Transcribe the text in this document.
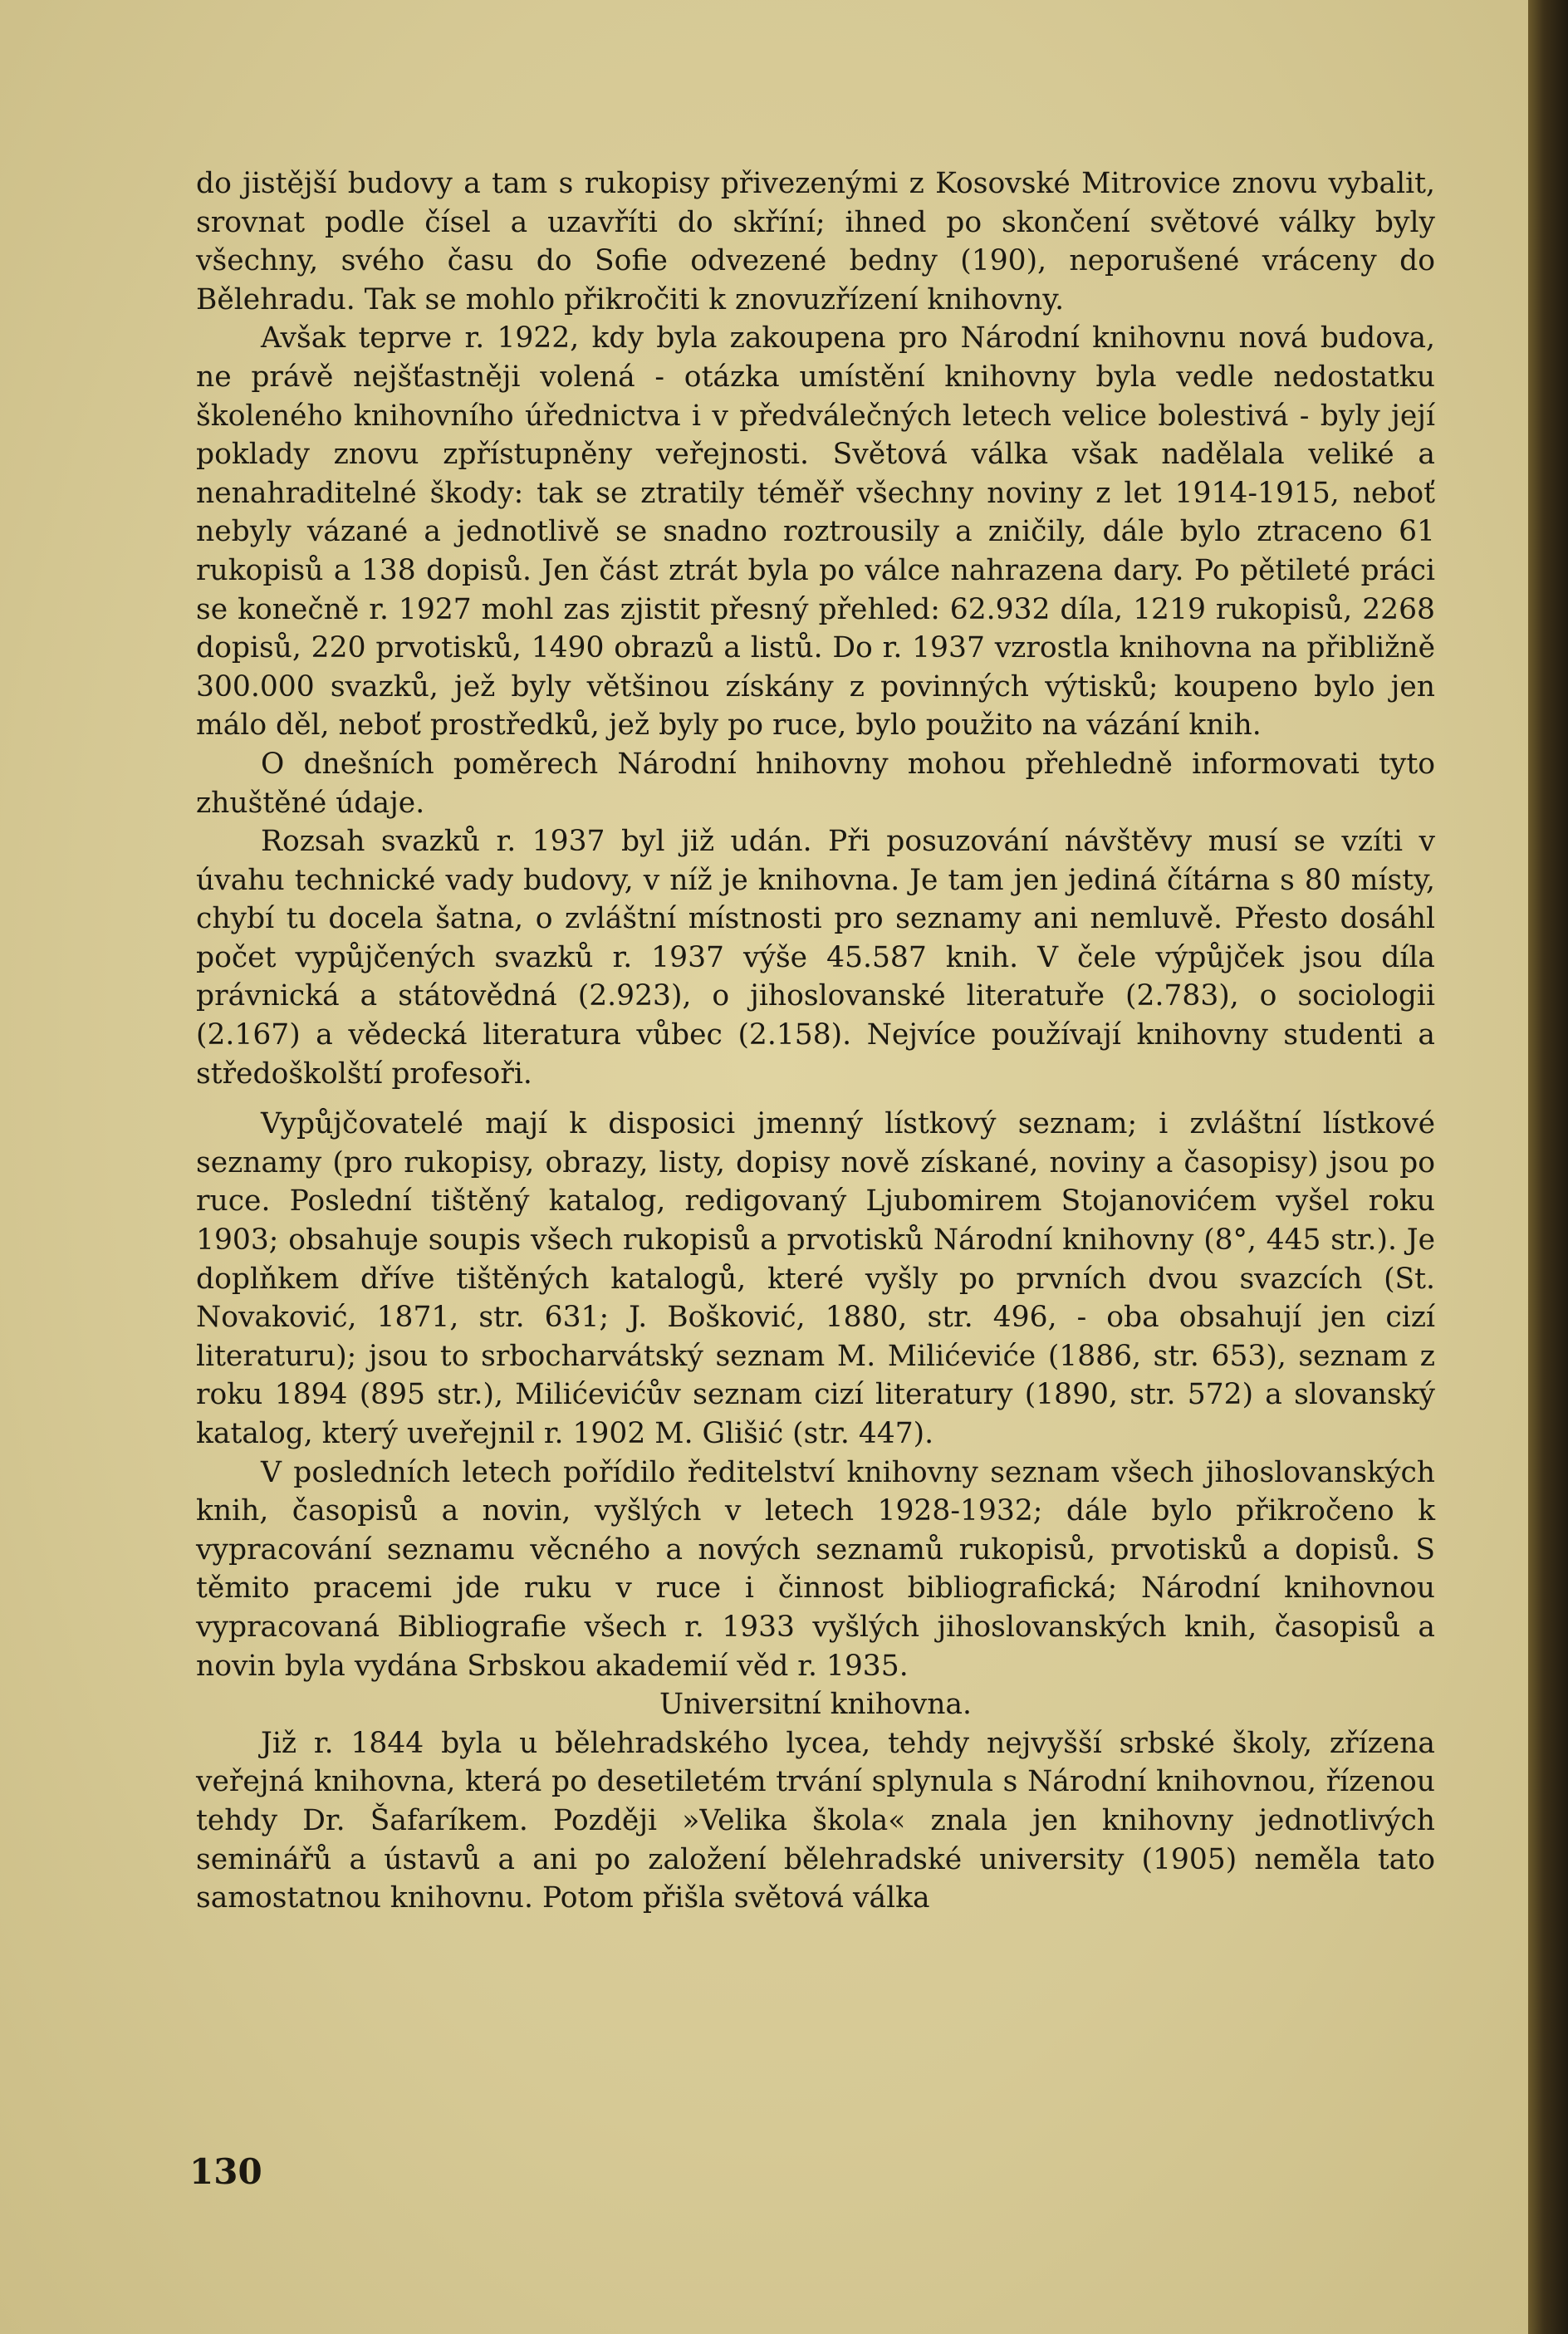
do jistější budovy a tam s rukopisy přivezenými z Kosovské Mitrovice znovu vybalit, srovnat podle čísel a uzavříti do skříní; ihned po skončení světové války byly všechny, svého času do Sofie odvezené bedny (190), neporušené vráceny do Bělehradu. Tak se mohlo přikročiti k znovuzřízení knihovny.

Avšak teprve r. 1922, kdy byla zakoupena pro Národní knihovnu nová budova, ne právě nejšťastněji volená - otázka umístění knihovny byla vedle nedostatku školeného knihovního úřednictva i v předválečných letech velice bolestivá - byly její poklady znovu zpřístupněny veřejnosti. Světová válka však nadělala veliké a nenahraditelné škody: tak se ztratily téměř všechny noviny z let 1914-1915, neboť nebyly vázané a jednotlivě se snadno roztrousily a zničily, dále bylo ztraceno 61 rukopisů a 138 dopisů. Jen část ztrát byla po válce nahrazena dary. Po pětileté práci se konečně r. 1927 mohl zas zjistit přesný přehled: 62.932 díla, 1219 rukopisů, 2268 dopisů, 220 prvotisků, 1490 obrazů a listů. Do r. 1937 vzrostla knihovna na přibližně 300.000 svazků, jež byly většinou získány z povinných výtisků; koupeno bylo jen málo děl, neboť prostředků, jež byly po ruce, bylo použito na vázání knih.

O dnešních poměrech Národní hnihovny mohou přehledně informovati tyto zhuštěné údaje.

Rozsah svazků r. 1937 byl již udán. Při posuzování návštěvy musí se vzíti v úvahu technické vady budovy, v níž je knihovna. Je tam jen jediná čítárna s 80 místy, chybí tu docela šatna, o zvláštní místnosti pro seznamy ani nemluvě. Přesto dosáhl počet vypůjčených svazků r. 1937 výše 45.587 knih. V čele výpůjček jsou díla právnická a státovědná (2.923), o jihoslovanské literatuře (2.783), o sociologii (2.167) a vědecká literatura vůbec (2.158). Nejvíce používají knihovny studenti a středoškolští profesoři.

Vypůjčovatelé mají k disposici jmenný lístkový seznam; i zvláštní lístkové seznamy (pro rukopisy, obrazy, listy, dopisy nově získané, noviny a časopisy) jsou po ruce. Poslední tištěný katalog, redigovaný Ljubomirem Stojanovićem vyšel roku 1903; obsahuje soupis všech rukopisů a prvotisků Národní knihovny (8°, 445 str.). Je doplňkem dříve tištěných katalogů, které vyšly po prvních dvou svazcích (St. Novaković, 1871, str. 631; J. Bošković, 1880, str. 496, - oba obsahují jen cizí literaturu); jsou to srbocharvátský seznam M. Milićeviće (1886, str. 653), seznam z roku 1894 (895 str.), Milićevićův seznam cizí literatury (1890, str. 572) a slovanský katalog, který uveřejnil r. 1902 M. Glišić (str. 447).

V posledních letech pořídilo ředitelství knihovny seznam všech jihoslovanských knih, časopisů a novin, vyšlých v letech 1928-1932; dále bylo přikročeno k vypracování seznamu věcného a nových seznamů rukopisů, prvotisků a dopisů. S těmito pracemi jde ruku v ruce i činnost bibliografická; Národní knihovnou vypracovaná Bibliografie všech r. 1933 vyšlých jihoslovanských knih, časopisů a novin byla vydána Srbskou akademií věd r. 1935.

Universitní knihovna.

Již r. 1844 byla u bělehradského lycea, tehdy nejvyšší srbské školy, zřízena veřejná knihovna, která po desetiletém trvání splynula s Národní knihovnou, řízenou tehdy Dr. Šafaríkem. Později »Velika škola« znala jen knihovny jednotlivých seminářů a ústavů a ani po založení bělehradské university (1905) neměla tato samostatnou knihovnu. Potom přišla světová válka

130
